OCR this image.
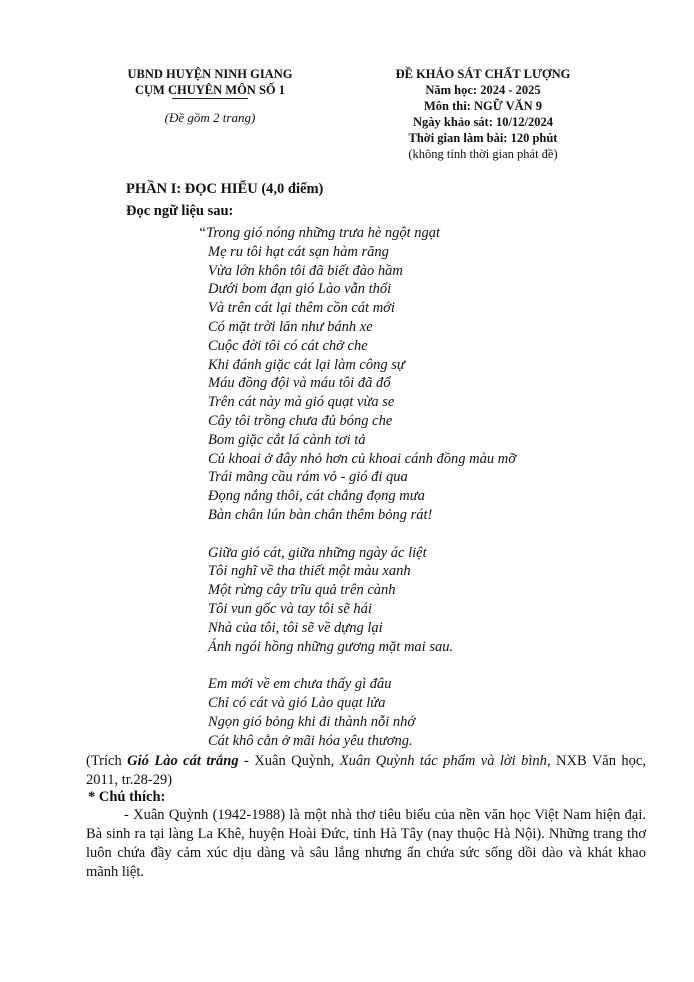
UBND HUYỆN NINH GIANG
CỤM CHUYÊN MÔN SỐ 1
(Đề gồm 2 trang)
ĐỀ KHẢO SÁT CHẤT LƯỢNG
Năm học: 2024 - 2025
Môn thi: NGỮ VĂN 9
Ngày khảo sát: 10/12/2024
Thời gian làm bài: 120 phút
(không tính thời gian phát đề)
PHẦN I: ĐỌC HIỂU (4,0 điểm)
Đọc ngữ liệu sau:
“Trong gió nóng những trưa hè ngột ngạt
Mẹ ru tôi hạt cát sạn hàm răng
Vừa lớn khôn tôi đã biết đào hầm
Dưới bom đạn gió Lào vẫn thổi
Và trên cát lại thêm cồn cát mới
Có mặt trời lăn như bánh xe
Cuộc đời tôi có cát chở che
Khi đánh giặc cát lại làm công sự
Máu đồng đội và máu tôi đã đổ
Trên cát này mà gió quạt vừa se
Cây tôi trồng chưa đủ bóng che
Bom giặc cắt lá cành tơi tả
Củ khoai ở đây nhỏ hơn củ khoai cánh đồng màu mỡ
Trái mãng cầu rám vỏ - gió đi qua
Đọng nắng thôi, cát chẳng đọng mưa
Bàn chân lún bàn chân thêm bỏng rát!
Giữa gió cát, giữa những ngày ác liệt
Tôi nghĩ về tha thiết một màu xanh
Một rừng cây trĩu quả trên cành
Tôi vun gốc và tay tôi sẽ hái
Nhà của tôi, tôi sẽ về dựng lại
Ánh ngói hồng những gương mặt mai sau.
Em mới về em chưa thấy gì đâu
Chỉ có cát và gió Lào quạt lửa
Ngọn gió bỏng khi đi thành nỗi nhớ
Cát khô cằn ở mãi hóa yêu thương.
(Trích Gió Lào cát trắng - Xuân Quỳnh, Xuân Quỳnh tác phẩm và lời bình, NXB Văn học, 2011, tr.28-29)
* Chú thích:
- Xuân Quỳnh (1942-1988) là một nhà thơ tiêu biểu của nền văn học Việt Nam hiện đại. Bà sinh ra tại làng La Khê, huyện Hoài Đức, tỉnh Hà Tây (nay thuộc Hà Nội). Những trang thơ luôn chứa đầy cảm xúc dịu dàng và sâu lắng nhưng ẩn chứa sức sống dồi dào và khát khao mãnh liệt.
